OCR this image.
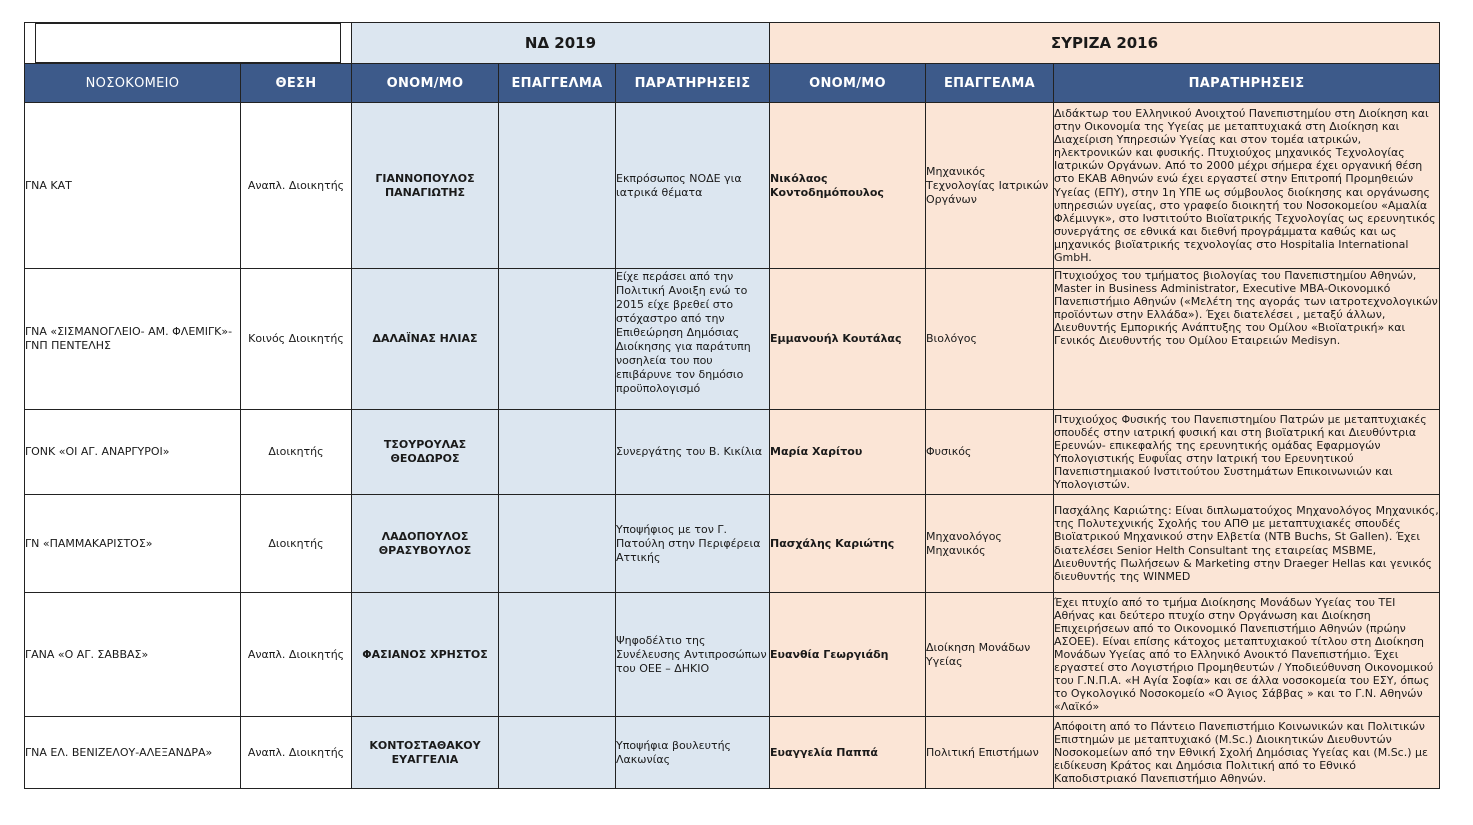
		ΝΔ 2019			ΣΥΡΙΖΑ 2016		
ΝΟΣΟΚΟΜΕΙΟ	ΘΕΣΗ	ΟΝΟΜ/ΜΟ	ΕΠΑΓΓΕΛΜΑ	ΠΑΡΑΤΗΡΗΣΕΙΣ	ΟΝΟΜ/ΜΟ	ΕΠΑΓΓΕΛΜΑ	ΠΑΡΑΤΗΡΗΣΕΙΣ
ΓΝΑ ΚΑΤ	Αναπλ. Διοικητής	ΓΙΑΝΝΟΠΟΥΛΟΣ ΠΑΝΑΓΙΩΤΗΣ		Εκπρόσωπος ΝΟΔΕ για ιατρικά θέματα	Νικόλαος Κοντοδημόπουλος	Μηχανικός Τεχνολογίας Ιατρικών Οργάνων	Διδάκτωρ του Ελληνικού Ανοιχτού Πανεπιστημίου στη Διοίκηση και στην Οικονομία της Υγείας με μεταπτυχιακά στη Διοίκηση και Διαχείριση Υπηρεσιών Υγείας και στον τομέα ιατρικών, ηλεκτρονικών και φυσικής. Πτυχιούχος μηχανικός Τεχνολογίας Ιατρικών Οργάνων. Από το 2000 μέχρι σήμερα έχει οργανική θέση στο ΕΚΑΒ Αθηνών ενώ έχει εργαστεί στην Επιτροπή Προμηθειών Υγείας (ΕΠΥ), στην 1η ΥΠΕ ως σύμβουλος διοίκησης και οργάνωσης υπηρεσιών υγείας, στο γραφείο διοικητή του Νοσοκομείου «Αμαλία Φλέμινγκ», στο Ινστιτούτο Βιοϊατρικής Τεχνολογίας ως ερευνητικός συνεργάτης σε εθνικά και διεθνή προγράμματα καθώς και ως μηχανικός βιοϊατρικής τεχνολογίας στο Hospitalia International GmbH.
ΓΝΑ «ΣΙΣΜΑΝΟΓΛΕΙΟ- ΑΜ. ΦΛΕΜΙΓΚ»-ΓΝΠ ΠΕΝΤΕΛΗΣ	Κοινός Διοικητής	ΔΑΛΑΪΝΑΣ ΗΛΙΑΣ		Είχε περάσει από την Πολιτική Ανοιξη ενώ το 2015 είχε βρεθεί στο στόχαστρο από την Επιθεώρηση Δημόσιας Διοίκησης για παράτυπη νοσηλεία του που επιβάρυνε τον δημόσιο προϋπολογισμό	Εμμανουήλ Κουτάλας	Βιολόγος	Πτυχιούχος του τμήματος βιολογίας του Πανεπιστημίου Αθηνών, Master in Business Administrator, Executive MBA-Οικονομικό Πανεπιστήμιο Αθηνών («Μελέτη της αγοράς των ιατροτεχνολογικών προϊόντων στην Ελλάδα»). Έχει διατελέσει , μεταξύ άλλων, Διευθυντής Εμπορικής Ανάπτυξης του Ομίλου «Βιοϊατρική» και Γενικός Διευθυντής του Ομίλου Εταιρειών Medisyn.
ΓΟΝΚ «ΟΙ ΑΓ. ΑΝΑΡΓΥΡΟΙ»	Διοικητής	ΤΣΟΥΡΟΥΛΑΣ ΘΕΟΔΩΡΟΣ		Συνεργάτης του Β. Κικίλια	Μαρία Χαρίτου	Φυσικός	Πτυχιούχος Φυσικής του Πανεπιστημίου Πατρών με μεταπτυχιακές σπουδές στην ιατρική φυσική και στη βιοϊατρική και Διευθύντρια Ερευνών- επικεφαλής της ερευνητικής ομάδας Εφαρμογών Υπολογιστικής Ευφυΐας στην Ιατρική του Ερευνητικού Πανεπιστημιακού Ινστιτούτου Συστημάτων Επικοινωνιών και Υπολογιστών.
ΓΝ «ΠΑΜΜΑΚΑΡΙΣΤΟΣ»	Διοικητής	ΛΑΔΟΠΟΥΛΟΣ ΘΡΑΣΥΒΟΥΛΟΣ		Υποψήφιος με τον Γ. Πατούλη στην Περιφέρεια Αττικής	Πασχάλης Καριώτης	Μηχανολόγος Μηχανικός	Πασχάλης Καριώτης: Είναι διπλωματούχος Μηχανολόγος Μηχανικός, της Πολυτεχνικής Σχολής του ΑΠΘ με μεταπτυχιακές σπουδές Βιοϊατρικού Μηχανικού στην Ελβετία (NTB Buchs, St Gallen). Έχει διατελέσει Senior Helth Consultant της εταιρείας MSBME, Διευθυντής Πωλήσεων & Marketing στην Draeger Hellas και γενικός διευθυντής της WINMED
ΓΑΝΑ «Ο ΑΓ. ΣΑΒΒΑΣ»	Αναπλ. Διοικητής	ΦΑΣΙΑΝΟΣ ΧΡΗΣΤΟΣ		Ψηφοδέλτιο της Συνέλευσης Αντιπροσώπων του ΟΕΕ – ΔΗΚΙΟ	Ευανθία Γεωργιάδη	Διοίκηση Μονάδων Υγείας	Έχει πτυχίο από το τμήμα Διοίκησης Μονάδων Υγείας του ΤΕΙ Αθήνας και δεύτερο πτυχίο στην Οργάνωση και Διοίκηση Επιχειρήσεων από το Οικονομικό Πανεπιστήμιο Αθηνών (πρώην ΑΣΟΕΕ). Είναι επίσης κάτοχος μεταπτυχιακού τίτλου στη Διοίκηση Μονάδων Υγείας από το Ελληνικό Ανοικτό Πανεπιστήμιο. Έχει εργαστεί στο Λογιστήριο Προμηθευτών / Υποδιεύθυνση Οικονομικού του Γ.Ν.Π.Α. «Η Αγία Σοφία» και σε άλλα νοσοκομεία του ΕΣΥ, όπως το Ογκολογικό Νοσοκομείο «Ο Άγιος Σάββας » και το Γ.Ν. Αθηνών «Λαϊκό»
ΓΝΑ ΕΛ. ΒΕΝΙΖΕΛΟΥ-ΑΛΕΞΑΝΔΡΑ»	Αναπλ. Διοικητής	ΚΟΝΤΟΣΤΑΘΑΚΟΥ ΕΥΑΓΓΕΛΙΑ		Υποψήφια βουλευτής Λακωνίας	Ευαγγελία Παππά	Πολιτική Επιστήμων	Απόφοιτη από το Πάντειο Πανεπιστήμιο Κοινωνικών και Πολιτικών Επιστημών με μεταπτυχιακό (M.Sc.) Διοικητικών Διευθυντών Νοσοκομείων από την Εθνική Σχολή Δημόσιας Υγείας και (M.Sc.) με ειδίκευση Κράτος και Δημόσια Πολιτική από το Εθνικό Καποδιστριακό Πανεπιστήμιο Αθηνών.
